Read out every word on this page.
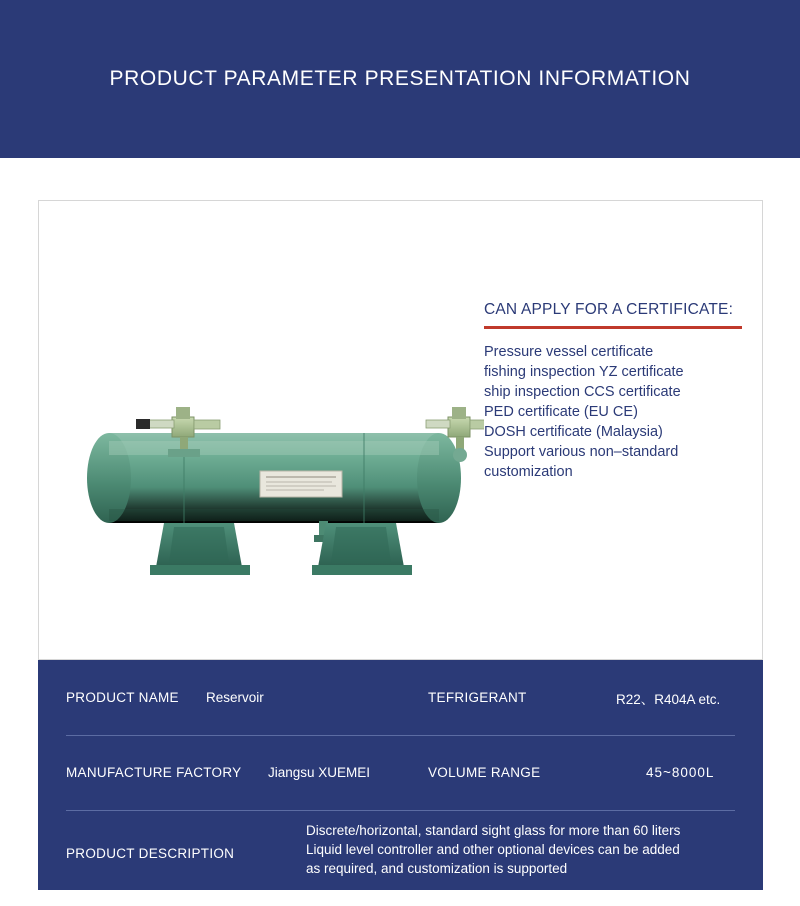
PRODUCT PARAMETER PRESENTATION INFORMATION
CAN APPLY FOR A CERTIFICATE:
Pressure vessel certificate
fishing inspection YZ certificate
ship inspection CCS certificate
PED certificate (EU CE)
DOSH certificate (Malaysia)
Support various non–standard
customization
PRODUCT NAME Reservoir	TEFRIGERANT	R22、R404A etc.
MANUFACTURE FACTORY Jiangsu XUEMEI	VOLUME RANGE	45~8000L
PRODUCT DESCRIPTION
Discrete/horizontal, standard sight glass for more than 60 liters
Liquid level controller and other optional devices can be added
as required, and customization is supported
